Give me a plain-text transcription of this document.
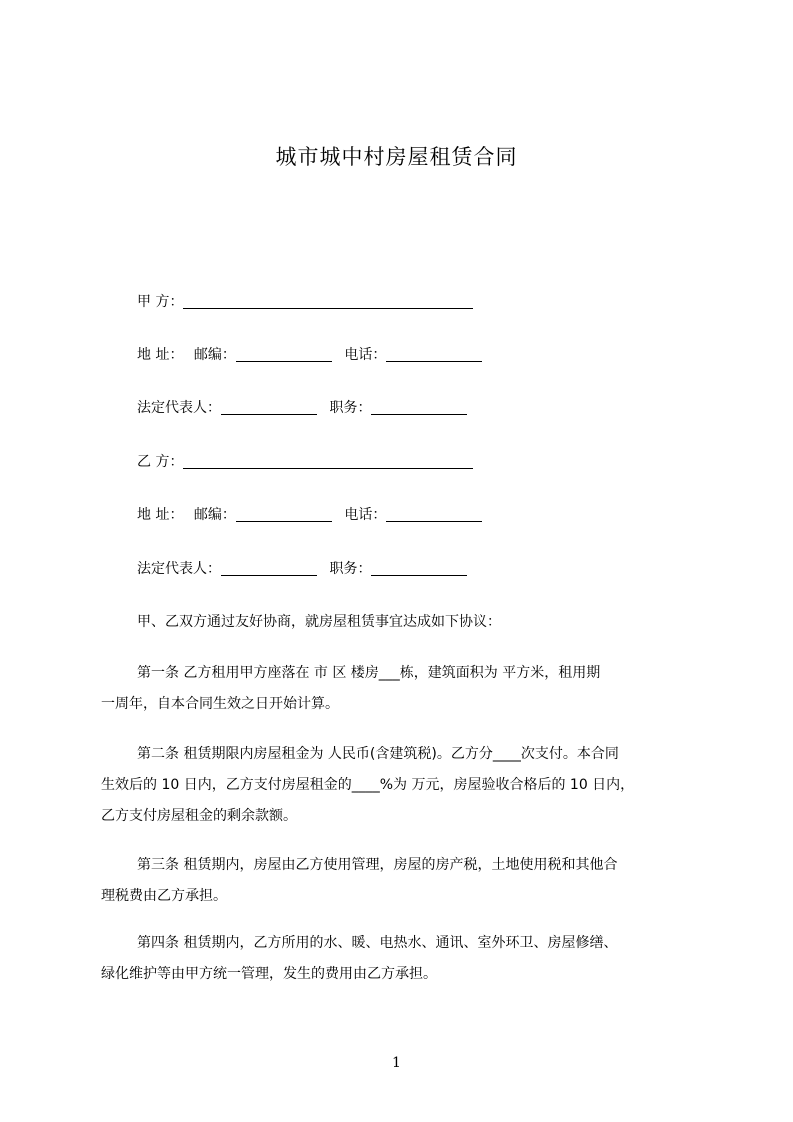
城市城中村房屋租赁合同
甲 方：
地 址： 邮编：	电话：
法定代表人：	职务：
乙 方：
地 址： 邮编：	电话：
法定代表人：	职务：
甲、乙双方通过友好协商，就房屋租赁事宜达成如下协议：
第一条 乙方租用甲方座落在 市 区 楼房___栋，建筑面积为 平方米，租用期
一周年，自本合同生效之日开始计算。
第二条 租赁期限内房屋租金为 人民币(含建筑税)。乙方分____次支付。本合同
生效后的 10 日内，乙方支付房屋租金的____%为 万元，房屋验收合格后的 10 日内，
乙方支付房屋租金的剩余款额。
第三条 租赁期内，房屋由乙方使用管理，房屋的房产税，土地使用税和其他合
理税费由乙方承担。
第四条 租赁期内，乙方所用的水、暖、电热水、通讯、室外环卫、房屋修缮、
绿化维护等由甲方统一管理，发生的费用由乙方承担。
1
